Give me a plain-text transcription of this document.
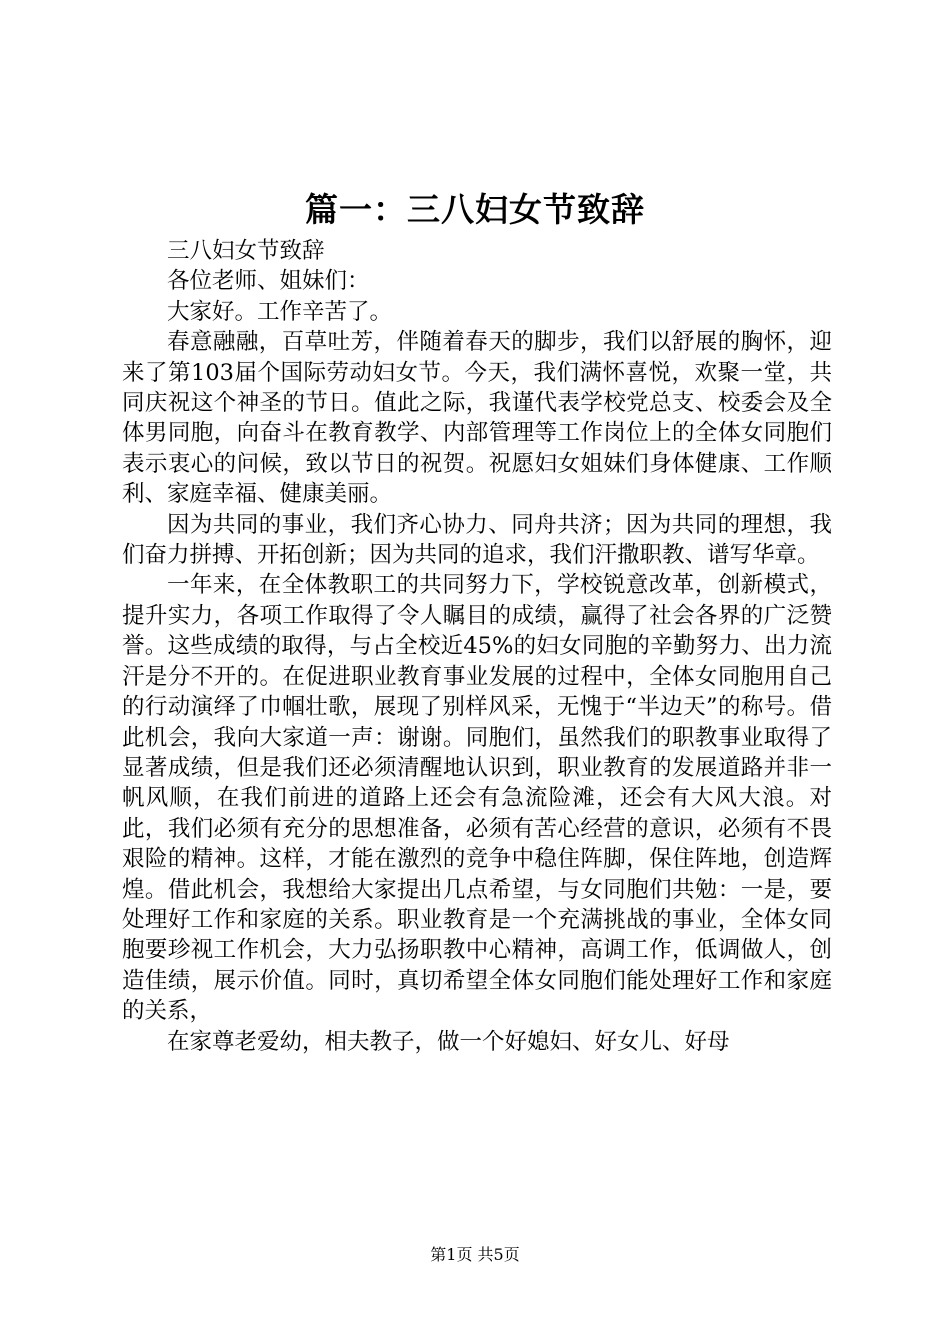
篇一：三八妇女节致辞

三八妇女节致辞

各位老师、姐妹们：

大家好。工作辛苦了。

春意融融，百草吐芳，伴随着春天的脚步，我们以舒展的胸怀，迎来了第103届个国际劳动妇女节。今天，我们满怀喜悦，欢聚一堂，共同庆祝这个神圣的节日。值此之际，我谨代表学校党总支、校委会及全体男同胞，向奋斗在教育教学、内部管理等工作岗位上的全体女同胞们表示衷心的问候，致以节日的祝贺。祝愿妇女姐妹们身体健康、工作顺利、家庭幸福、健康美丽。

因为共同的事业，我们齐心协力、同舟共济；因为共同的理想，我们奋力拼搏、开拓创新；因为共同的追求，我们汗撒职教、谱写华章。

一年来，在全体教职工的共同努力下，学校锐意改革，创新模式，提升实力，各项工作取得了令人瞩目的成绩，赢得了社会各界的广泛赞誉。这些成绩的取得，与占全校近45%的妇女同胞的辛勤努力、出力流汗是分不开的。在促进职业教育事业发展的过程中，全体女同胞用自己的行动演绎了巾帼壮歌，展现了别样风采，无愧于“半边天”的称号。借此机会，我向大家道一声：谢谢。同胞们，虽然我们的职教事业取得了显著成绩，但是我们还必须清醒地认识到，职业教育的发展道路并非一帆风顺，在我们前进的道路上还会有急流险滩，还会有大风大浪。对此，我们必须有充分的思想准备，必须有苦心经营的意识，必须有不畏艰险的精神。这样，才能在激烈的竞争中稳住阵脚，保住阵地，创造辉煌。借此机会，我想给大家提出几点希望，与女同胞们共勉：一是，要处理好工作和家庭的关系。职业教育是一个充满挑战的事业，全体女同胞要珍视工作机会，大力弘扬职教中心精神，高调工作，低调做人，创造佳绩，展示价值。同时，真切希望全体女同胞们能处理好工作和家庭的关系，

在家尊老爱幼，相夫教子，做一个好媳妇、好女儿、好母

第1页 共5页
